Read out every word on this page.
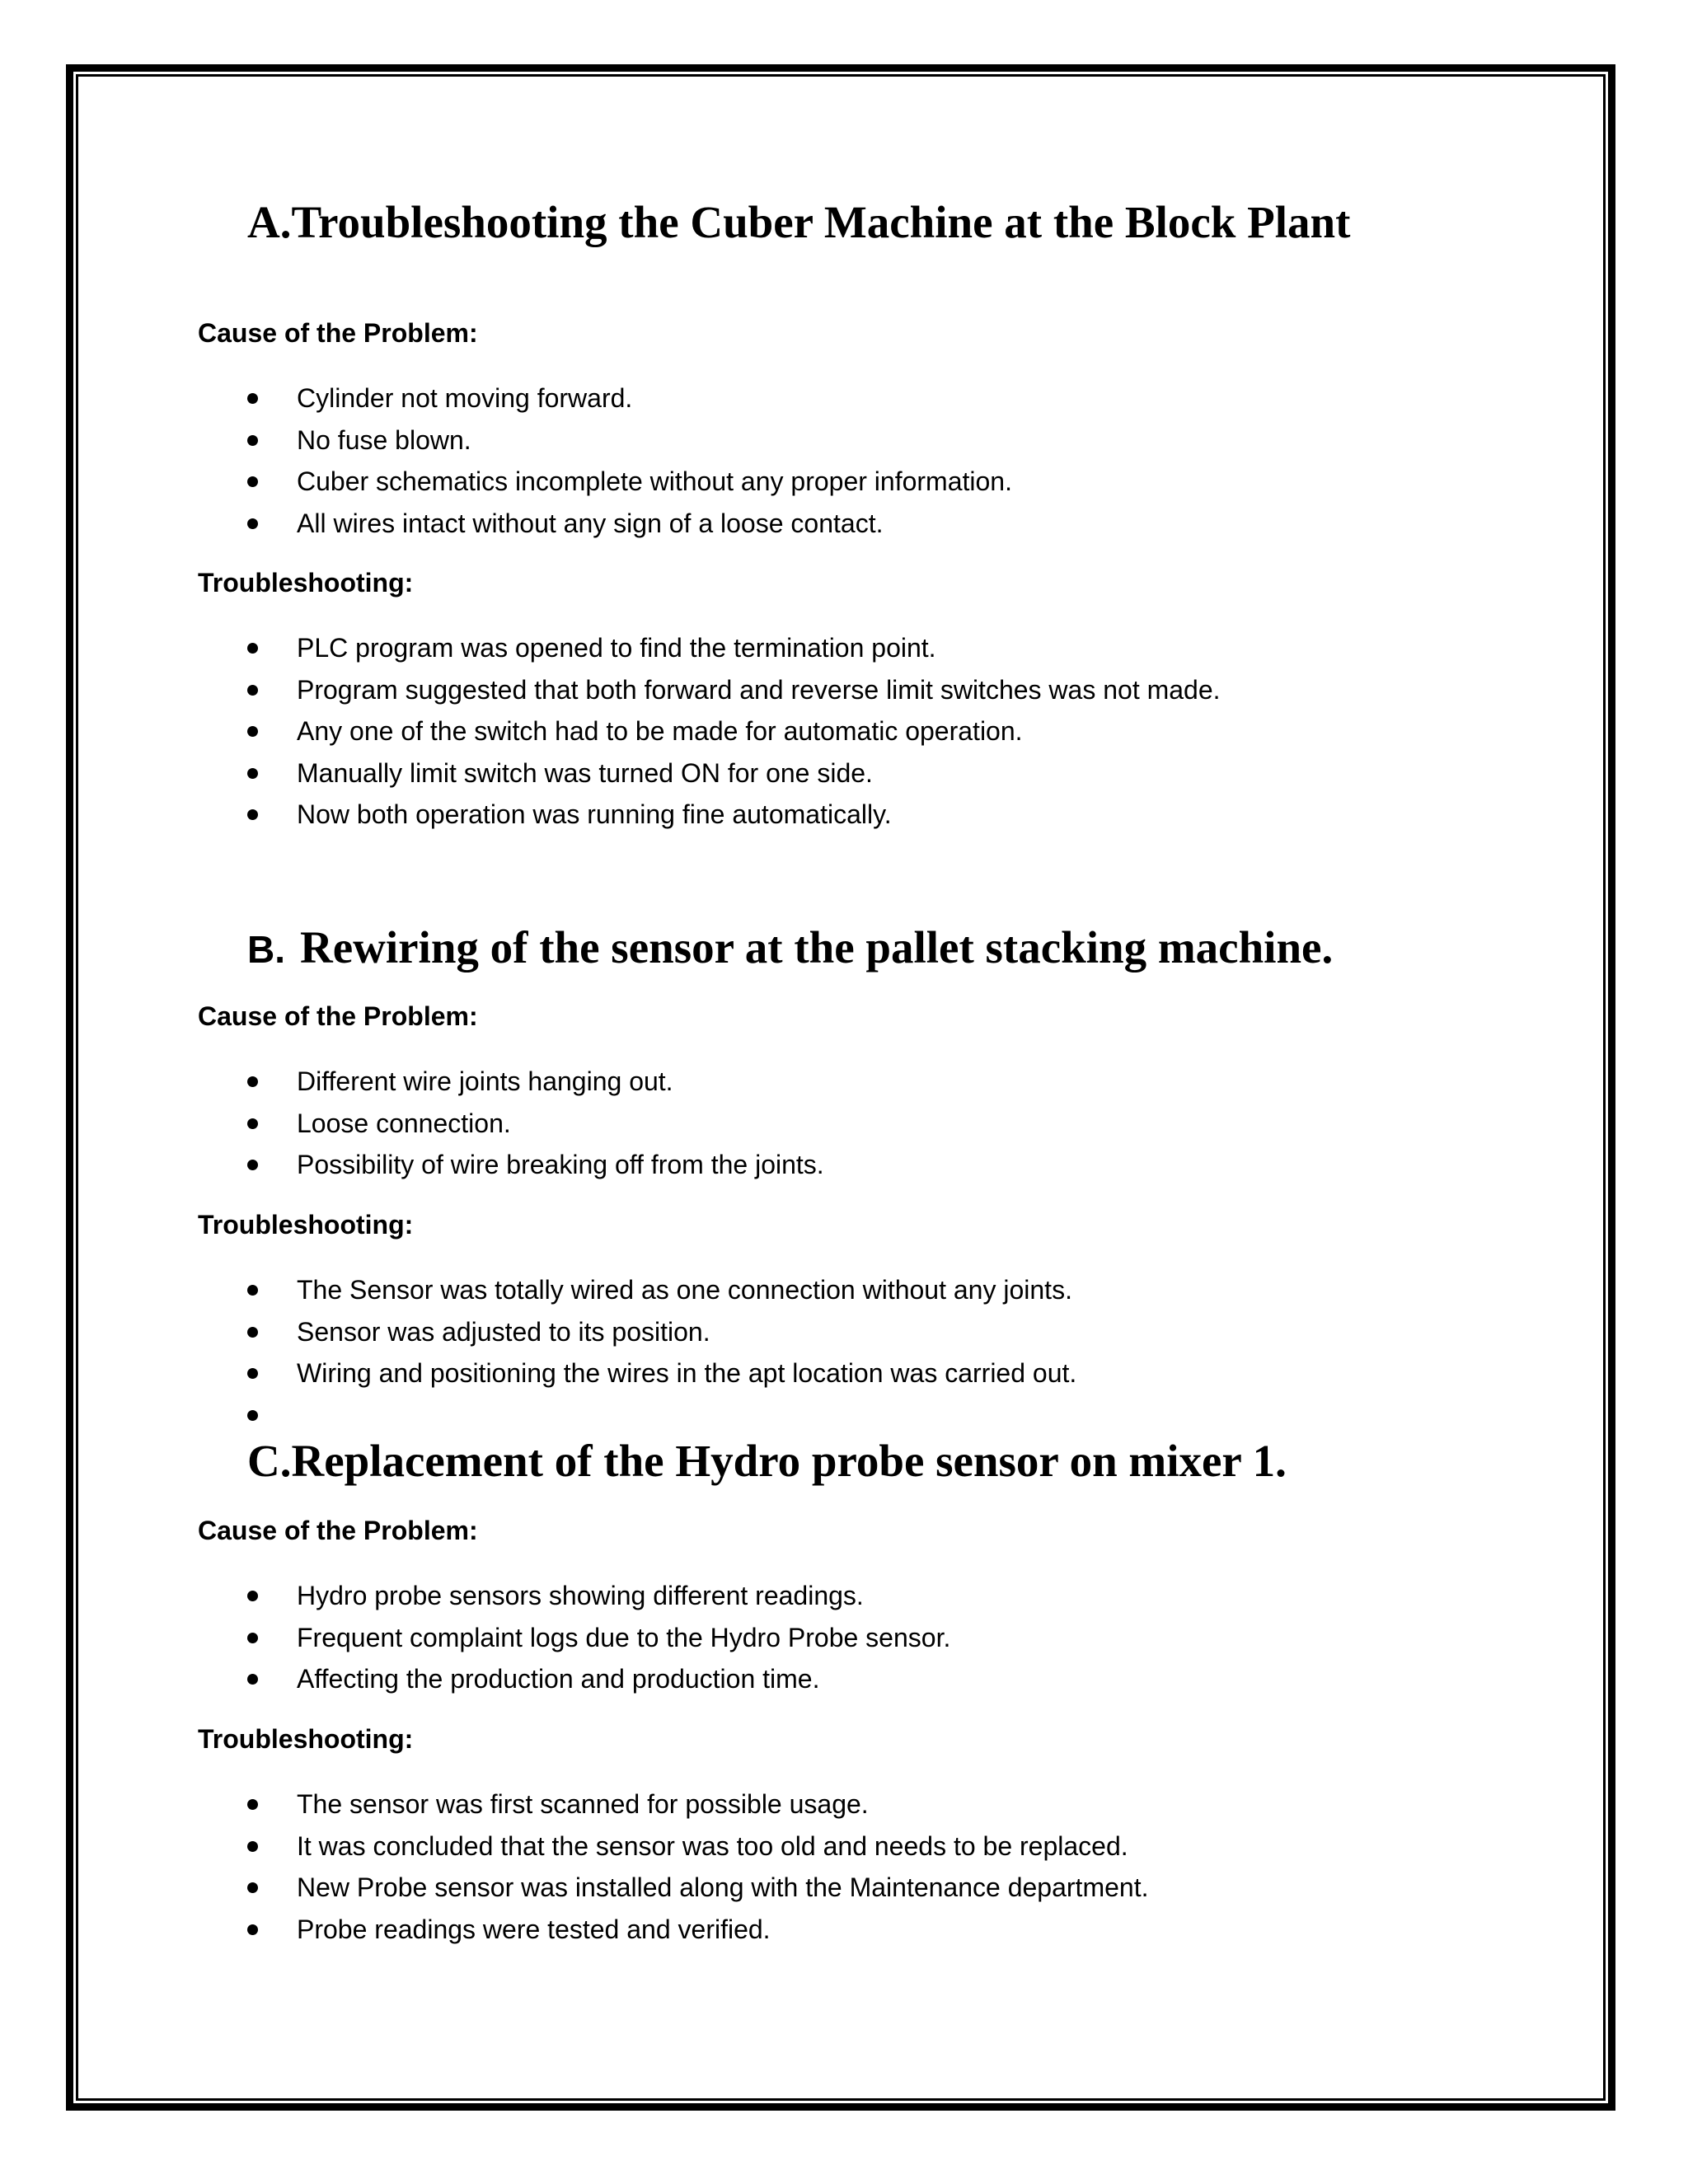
A.Troubleshooting the Cuber Machine at the Block Plant

Cause of the Problem:

Cylinder not moving forward.
No fuse blown.
Cuber schematics incomplete without any proper information.
All wires intact without any sign of a loose contact.

Troubleshooting:

PLC program was opened to find the termination point.
Program suggested that both forward and reverse limit switches was not made.
Any one of the switch had to be made for automatic operation.
Manually limit switch was turned ON for one side.
Now both operation was running fine automatically.
B. Rewiring of the sensor at the pallet stacking machine.

Cause of the Problem:

Different wire joints hanging out.
Loose connection.
Possibility of wire breaking off from the joints.

Troubleshooting:

The Sensor was totally wired as one connection without any joints.
Sensor was adjusted to its position.
Wiring and positioning the wires in the apt location was carried out.
C.Replacement of the Hydro probe sensor on mixer 1.

Cause of the Problem:

Hydro probe sensors showing different readings.
Frequent complaint logs due to the Hydro Probe sensor.
Affecting the production and production time.

Troubleshooting:

The sensor was first scanned for possible usage.
It was concluded that the sensor was too old and needs to be replaced.
New Probe sensor was installed along with the Maintenance department.
Probe readings were tested and verified.
